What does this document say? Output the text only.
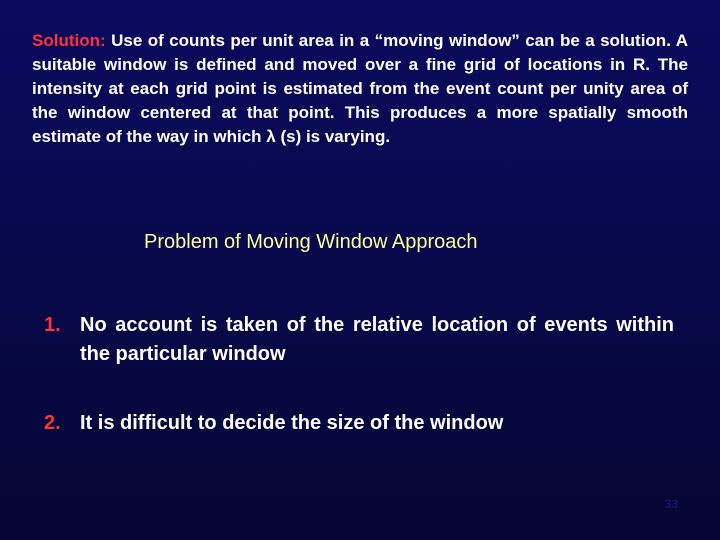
Solution: Use of counts per unit area in a “moving window” can be a solution. A suitable window is defined and moved over a fine grid of locations in R. The intensity at each grid point is estimated from the event count per unity area of the window centered at that point. This produces a more spatially smooth estimate of the way in which λ (s) is varying.

Problem of Moving Window Approach
1. No account is taken of the relative location of events within the particular window
2. It is difficult to decide the size of the window
33
